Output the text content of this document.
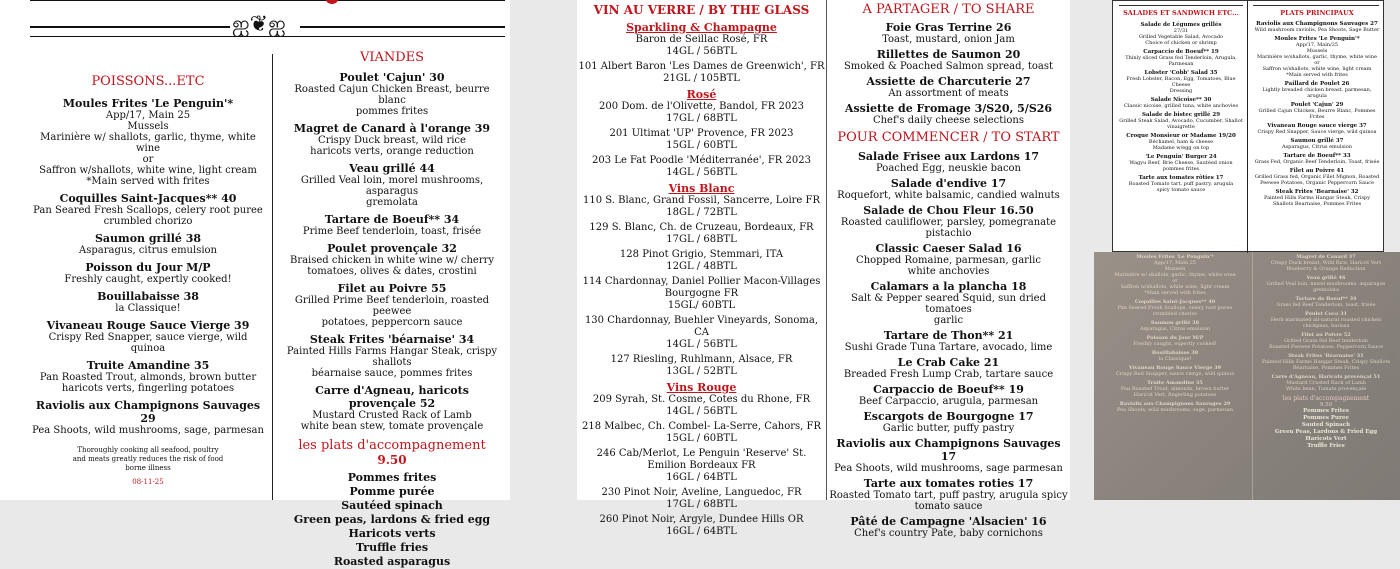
ஐ❦ஐ
POISSONS...ETC
Moules Frites 'Le Penguin'*
App/17, Main 25
Mussels
Marinière w/ shallots, garlic, thyme, white wine
or
Saffron w/shallots, white wine, light cream
*Main served with frites
Coquilles Saint-Jacques** 40
Pan Seared Fresh Scallops, celery root puree
crumbled chorizo
Saumon grillé 38
Asparagus, citrus emulsion
Poisson du Jour M/P
Freshly caught, expertly cooked!
Bouillabaisse 38
la Classique!
Vivaneau Rouge Sauce Vierge 39
Crispy Red Snapper, sauce vierge, wild quinoa
Truite Amandine 35
Pan Roasted Trout, almonds, brown butter
haricots verts, fingerling potatoes
Raviolis aux Champignons Sauvages 29
Pea Shoots, wild mushrooms, sage, parmesan
Thoroughly cooking all seafood, poultry and meats greatly reduces the risk of food borne illness
08-11-25
VIANDES
Poulet 'Cajun' 30
Roasted Cajun Chicken Breast, beurre blanc
pommes frites
Magret de Canard à l'orange 39
Crispy Duck breast, wild rice
haricots verts, orange reduction
Veau grillé 44
Grilled Veal loin, morel mushrooms, asparagus
gremolata
Tartare de Boeuf** 34
Prime Beef tenderloin, toast, frisée
Poulet provençale 32
Braised chicken in white wine w/ cherry
tomatoes, olives & dates, crostini
Filet au Poivre 55
Grilled Prime Beef tenderloin, roasted peewee
potatoes, peppercorn sauce
Steak Frites 'béarnaise' 34
Painted Hills Farms Hangar Steak, crispy shallots
béarnaise sauce, pommes frites
Carre d'Agneau, haricots provençale 52
Mustard Crusted Rack of Lamb
white bean stew, tomate provençale
les plats d'accompagnement
9.50
Pommes frites
Pomme purée
Sautéed spinach
Green peas, lardons & fried egg
Haricots verts
Truffle fries
Roasted asparagus
VIN AU VERRE / BY THE GLASS
Sparkling & Champagne
Baron de Seillac Rosé, FR
14GL / 56BTL
101 Albert Baron 'Les Dames de Greenwich', FR
21GL / 105BTL
Rosé
200 Dom. de l'Olivette, Bandol, FR 2023
17GL / 68BTL
201 Ultimat 'UP' Provence, FR 2023
15GL / 60BTL
203 Le Fat Poodle 'Méditerranée', FR 2023
14GL / 56BTL
Vins Blanc
110 S. Blanc, Grand Fossil, Sancerre, Loire FR
18GL / 72BTL
129 S. Blanc, Ch. de Cruzeau, Bordeaux, FR
17GL / 68BTL
128 Pinot Grigio, Stemmari, ITA
12GL / 48BTL
114 Chardonnay, Daniel Pollier Macon-Villages Bourgogne FR
15GL/ 60BTL
130 Chardonnay, Buehler Vineyards, Sonoma, CA
14GL / 56BTL
127 Riesling, Ruhlmann, Alsace, FR
13GL / 52BTL
Vins Rouge
209 Syrah, St. Cosme, Cotes du Rhone, FR
14GL / 56BTL
218 Malbec, Ch. Combel- La-Serre, Cahors, FR
15GL / 60BTL
246 Cab/Merlot, Le Penguin 'Reserve' St. Emilion Bordeaux FR
16GL / 64BTL
230 Pinot Noir, Aveline, Languedoc, FR
17GL / 68BTL
260 Pinot Noir, Argyle, Dundee Hills OR
16GL / 64BTL
A PARTAGER / TO SHARE
Foie Gras Terrine 26
Toast, mustard, onion Jam
Rillettes de Saumon 20
Smoked & Poached Salmon spread, toast
Assiette de Charcuterie 27
An assortment of meats
Assiette de Fromage 3/S20, 5/S26
Chef's daily cheese selections
POUR COMMENCER / TO START
Salade Frisee aux Lardons 17
Poached Egg, neuskie bacon
Salade d'endive 17
Roquefort, white balsamic, candied walnuts
Salade de Chou Fleur 16.50
Roasted cauliflower, parsley, pomegranate
pistachio
Classic Caeser Salad 16
Chopped Romaine, parmesan, garlic
white anchovies
Calamars a la plancha 18
Salt & Pepper seared Squid, sun dried tomatoes
garlic
Tartare de Thon** 21
Sushi Grade Tuna Tartare, avocado, lime
Le Crab Cake 21
Breaded Fresh Lump Crab, tartare sauce
Carpaccio de Boeuf** 19
Beef Carpaccio, arugula, parmesan
Escargots de Bourgogne 17
Garlic butter, puffy pastry
Raviolis aux Champignons Sauvages 17
Pea Shoots, wild mushrooms, sage parmesan
Tarte aux tomates roties 17
Roasted Tomato tart, puff pastry, arugula spicy
tomato sauce
Pâté de Campagne 'Alsacien' 16
Chef's country Pate, baby cornichons
SALADES ET SANDWICH ETC...
Salade de Légumes grillés
27/31
Grilled Vegetable Salad, Avocado
Choice of chicken or shrimp
Carpaccio de Boeuf** 19
Thinly sliced Grass fed Tenderloin, Arugula,
Parmesan
Lobster 'Cobb' Salad 35
Fresh Lobster, Bacon, Egg, Tomatoes, Blue Cheese
Dressing
Salade Nicoise** 30
Classic nicoise, grilled tuna, white anchovies
Salade de bistec grillé 29
Grilled Steak Salad, Avocado, Cucumber, Shallot
vinaigrette
Croque Monsieur or Madame 19/20
Béchamel, ham & cheese
Madame w/egg on top
'Le Penguin' Burger 24
Wagyu Beef, Brie Cheese, Sautéed onion
pommes frites
Tarte aux tomates rôties 17
Roasted Tomato tart, puff pastry, arugula
spicy tomato sauce
PLATS PRINCIPAUX
Raviolis aux Champignons Sauvages 27
Wild mushroom raviolis, Pea Shoots, Sage Butter
Moules Frites 'Le Penguin'*
App/17, Main/25
Mussels
Marinière w/shallots, garlic, thyme, white wine
or
Saffron w/shallots, white wine, light cream
*Main served with frites
Paillard de Poulet 26
Lightly breaded chicken breast, parmesan,
arugula
Poulet 'Cajun' 29
Grilled Cajun Chicken, Beurre Blanc, Pommes
Frites
Vivaneau Rouge sauce vierge 37
Crispy Red Snapper, Sauce vierge, wild quinoa
Saumon grillé 37
Asparagus, Citrus emulsion
Tartare de Boeuf** 33
Grass Fed, Organic Beef Tenderloin, Toast, frisée
Filet au Poivre 41
Grilled Grass fed, Organic Filet Mignon, Roasted
Peewee Potatoes, Organic Peppercorn Sauce
Steak Frites 'Bearnaise' 32
Painted Hills Farms Hangar Steak, Crispy
Shallots Bearnaise, Pommes Frites
Moules Frites 'Le Penguin'*
App/17, Main 25
Mussels
Marinière w/ shallots, garlic, thyme, white wine
or
Saffron w/shallots, white wine, light cream
*Main served with frites
Coquilles Saint-Jacques** 40
Pan Seared Fresh Scallops, celery root puree
crumbled chorizo
Saumon grillé 38
Asparagus, Citrus emulsion
Poisson du Jour M/P
Freshly caught, expertly cooked!
Bouillabaisse 38
la Classique!
Vivaneau Rouge Sauce Vierge 39
Crispy Red Snapper, sauce vierge, wild quinoa
Truite Amandine 35
Pan Roasted Trout, almonds, brown butter
Haricot Vert, fingerling potatoes
Raviolis aux Champignons Sauvages 29
Pea Shoots, wild mushrooms, sage, parmesan
Magret de Canard 37
Crispy Duck breast, Wild Rice, Haricot Vert
Blueberry & Orange Reduction
Veau grillé 46
Grilled Veal loin, morel mushrooms, asparagus
gremolata
Tartare de Boeuf** 34
Grass fed Beef Tenderloin, toast, frisée
Poulet Coco 31
Herb marinated all-natural roasted chicken
chickpeas, harissa
Filet au Poivre 52
Grilled Grass fed Beef tenderloin
Roasted Peewee Potatoes, Peppercorn Sauce
Steak Frites 'Béarnaise' 31
Painted Hills Farms Hangar Steak, Crispy Shallots
Béarnaise, Pommes Frites
Carre d'Agneau, Haricots provençal 51
Mustard Crusted Rack of Lamb
White bean, Tomate provençale
les plats d'accompagnement
9.50
Pommes Frites
Pommes Puree
Sauted Spinach
Green Peas, Lardons & Fried Egg
Haricots Vert
Truffle Fries
